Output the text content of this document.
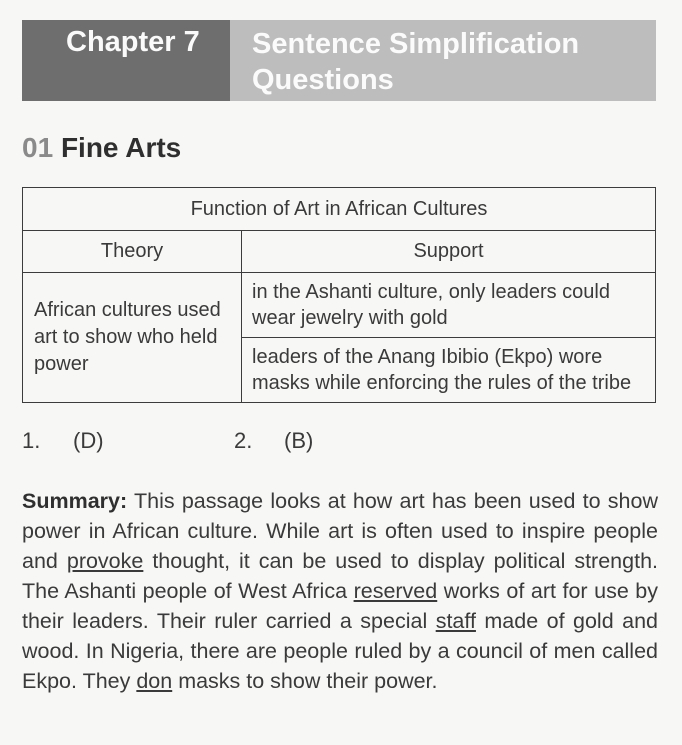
Chapter 7 Sentence Simplification Questions
01 Fine Arts
Function of Art in African Cultures	
Theory	Support
African cultures used art to show who held power	in the Ashanti culture, only leaders could wear jewelry with gold
	leaders of the Anang Ibibio (Ekpo) wore masks while enforcing the rules of the tribe
1. (D)	2. (B)
Summary: This passage looks at how art has been used to show power in African culture. While art is often used to inspire people and provoke thought, it can be used to display political strength. The Ashanti people of West Africa reserved works of art for use by their leaders. Their ruler carried a special staff made of gold and wood. In Nigeria, there are people ruled by a council of men called Ekpo. They don masks to show their power.
